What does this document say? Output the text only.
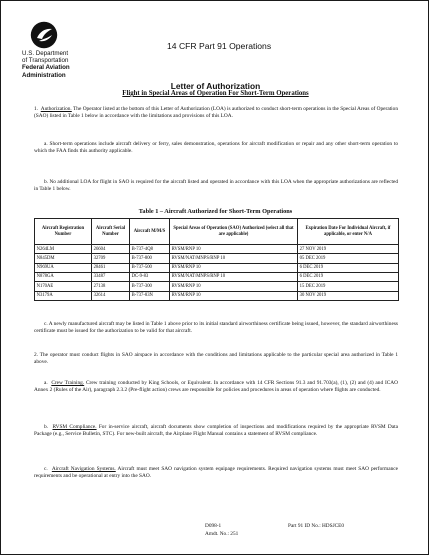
U.S. Department
of Transportation
Federal Aviation
Administration
14 CFR Part 91 Operations
Letter of Authorization
Flight in Special Areas of Operation For Short-Term Operations

1. Authorization. The Operator listed at the bottom of this Letter of Authorization (LOA) is authorized to conduct short-term operations in the Special Areas of Operation (SAO) listed in Table 1 below in accordance with the limitations and provisions of this LOA.

a. Short-term operations include aircraft delivery or ferry, sales demonstration, operations for aircraft modification or repair and any other short-term operation to which the FAA finds this authority applicable.

b. No additional LOA for flight in SAO is required for the aircraft listed and operated in accordance with this LOA when the appropriate authorizations are reflected in Table 1 below.

Table 1 – Aircraft Authorized for Short-Term Operations
Aircraft Registration Number	Aircraft Serial Number	Aircraft M/M/S	Special Areas of Operation (SAO) Authorized (select all that are applicable)	Expiration Date For Individual Aircraft, if applicable, or enter N/A
N264LM	26604	B-737-4Q8	RVSM/RNP 10	27 NOV 2019
N845DM	32709	B-737-800	RVSM/NAT/MNPS/RNP 10	05 DEC 2019
N969UA	28461	B-737-500	RVSM/RNP 10	6 DEC 2019
N878GA	33487	DC-9-83	RVSM/NAT/MNPS/RNP 10	6 DEC 2019
N170AE	27138	B-737-300	RVSM/RNP 10	15 DEC 2019
N3179A	32614	B-737-83N	RVSM/RNP 10	30 NOV 2019

c. A newly manufactured aircraft may be listed in Table 1 above prior to its initial standard airworthiness certificate being issued, however, the standard airworthiness certificate must be issued for the authorization to be valid for that aircraft.

2. The operator must conduct flights in SAO airspace in accordance with the conditions and limitations applicable to the particular special area authorized in Table 1 above.

a. Crew Training. Crew training conducted by King Schools, or Equivalent. In accordance with 14 CFR Sections 91.3 and 91.703(a), (1), (2) and (4) and ICAO Annex 2 (Rules of the Air), paragraph 2.3.2 (Pre-flight action) crews are responsible for policies and procedures in areas of operation where flights are conducted.

b. RVSM Compliance. For in-service aircraft, aircraft documents show completion of inspections and modifications required by the appropriate RVSM Data Package (e.g., Service Bulletin, STC). For new-built aircraft, the Airplane Flight Manual contains a statement of RVSM compliance.

c. Aircraft Navigation Systems. Aircraft must meet SAO navigation system equipage requirements. Required navigation systems must meet SAO performance requirements and be operational at entry into the SAO.

D098-1
Amdt. No.: 251
Part 91 ID No.: HDSJCE0
